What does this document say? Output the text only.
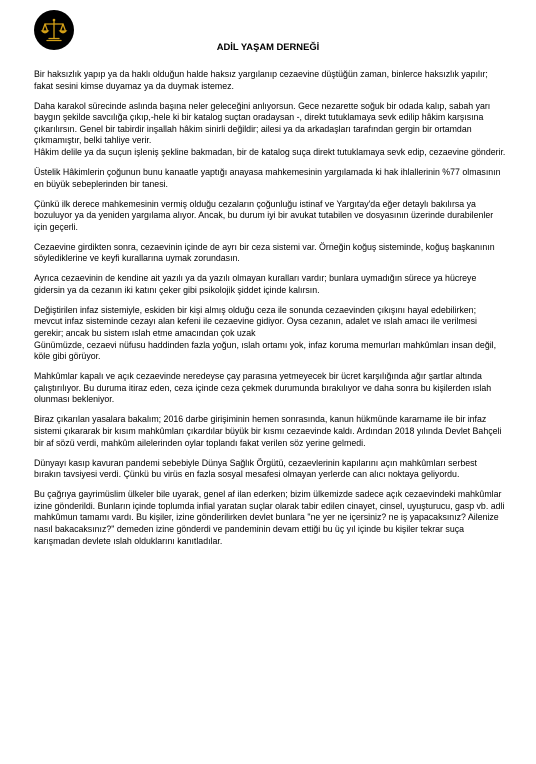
ADİL YAŞAM DERNEĞİ

Bir haksızlık yapıp ya da haklı olduğun halde haksız yargılanıp cezaevine düştüğün zaman, binlerce haksızlık yapılır; fakat sesini kimse duyamaz ya da duymak istemez.

Daha karakol sürecinde aslında başına neler geleceğini anlıyorsun. Gece nezarette soğuk bir odada kalıp, sabah yarı baygın şekilde savcılığa çıkıp,-hele ki bir katalog suçtan oradaysan -, direkt tutuklamaya sevk edilip hâkim karşısına çıkarılırsın. Genel bir tabirdir inşallah hâkim sinirli değildir; ailesi ya da arkadaşları tarafından gergin bir ortamdan çıkmamıştır, belki tahliye verir.
Hâkim delile ya da suçun işleniş şekline bakmadan, bir de katalog suça direkt tutuklamaya sevk edip, cezaevine gönderir.

Üstelik Hâkimlerin çoğunun bunu kanaatle yaptığı anayasa mahkemesinin yargılamada ki hak ihlallerinin %77 olmasının en büyük sebeplerinden bir tanesi.

Çünkü ilk derece mahkemesinin vermiş olduğu cezaların çoğunluğu istinaf ve Yargıtay'da eğer detaylı bakılırsa ya bozuluyor ya da yeniden yargılama alıyor. Ancak, bu durum iyi bir avukat tutabilen ve dosyasının üzerinde durabilenler için geçerli.

Cezaevine girdikten sonra, cezaevinin içinde de ayrı bir ceza sistemi var. Örneğin koğuş sisteminde, koğuş başkanının söylediklerine ve keyfi kurallarına uymak zorundasın.

Ayrıca cezaevinin de kendine ait yazılı ya da yazılı olmayan kuralları vardır; bunlara uymadığın sürece ya hücreye gidersin ya da cezanın iki katını çeker gibi psikolojik şiddet içinde kalırsın.

Değiştirilen infaz sistemiyle, eskiden bir kişi almış olduğu ceza ile sonunda cezaevinden çıkışını hayal edebilirken; mevcut infaz sisteminde cezayı alan kefeni ile cezaevine gidiyor. Oysa cezanın, adalet ve ıslah amacı ile verilmesi gerekir; ancak bu sistem ıslah etme amacından çok uzak
Günümüzde, cezaevi nüfusu haddinden fazla yoğun, ıslah ortamı yok, infaz koruma memurları mahkûmları insan değil, köle gibi görüyor.

Mahkûmlar kapalı ve açık cezaevinde neredeyse çay parasına yetmeyecek bir ücret karşılığında ağır şartlar altında çalıştırılıyor. Bu duruma itiraz eden, ceza içinde ceza çekmek durumunda bırakılıyor ve daha sonra bu kişilerden ıslah olunması bekleniyor.

Biraz çıkarılan yasalara bakalım; 2016 darbe girişiminin hemen sonrasında, kanun hükmünde kararname ile bir infaz sistemi çıkararak bir kısım mahkûmları çıkardılar büyük bir kısmı cezaevinde kaldı. Ardından 2018 yılında Devlet Bahçeli bir af sözü verdi, mahkûm ailelerinden oylar toplandı fakat verilen söz yerine gelmedi.

Dünyayı kasıp kavuran pandemi sebebiyle Dünya Sağlık Örgütü, cezaevlerinin kapılarını açın mahkûmları serbest bırakın tavsiyesi verdi. Çünkü bu virüs en fazla sosyal mesafesi olmayan yerlerde can alıcı noktaya geliyordu.

Bu çağrıya gayrimüslim ülkeler bile uyarak, genel af ilan ederken; bizim ülkemizde sadece açık cezaevindeki mahkûmlar izine gönderildi. Bunların içinde toplumda infial yaratan suçlar olarak tabir edilen cinayet, cinsel, uyuşturucu, gasp vb. adli mahkûmun tamamı vardı. Bu kişiler, izine gönderilirken devlet bunlara "ne yer ne içersiniz? ne iş yapacaksınız? Ailenize nasıl bakacaksınız?" demeden izine gönderdi ve pandeminin devam ettiği bu üç yıl içinde bu kişiler tekrar suça karışmadan devlete ıslah olduklarını kanıtladılar.
